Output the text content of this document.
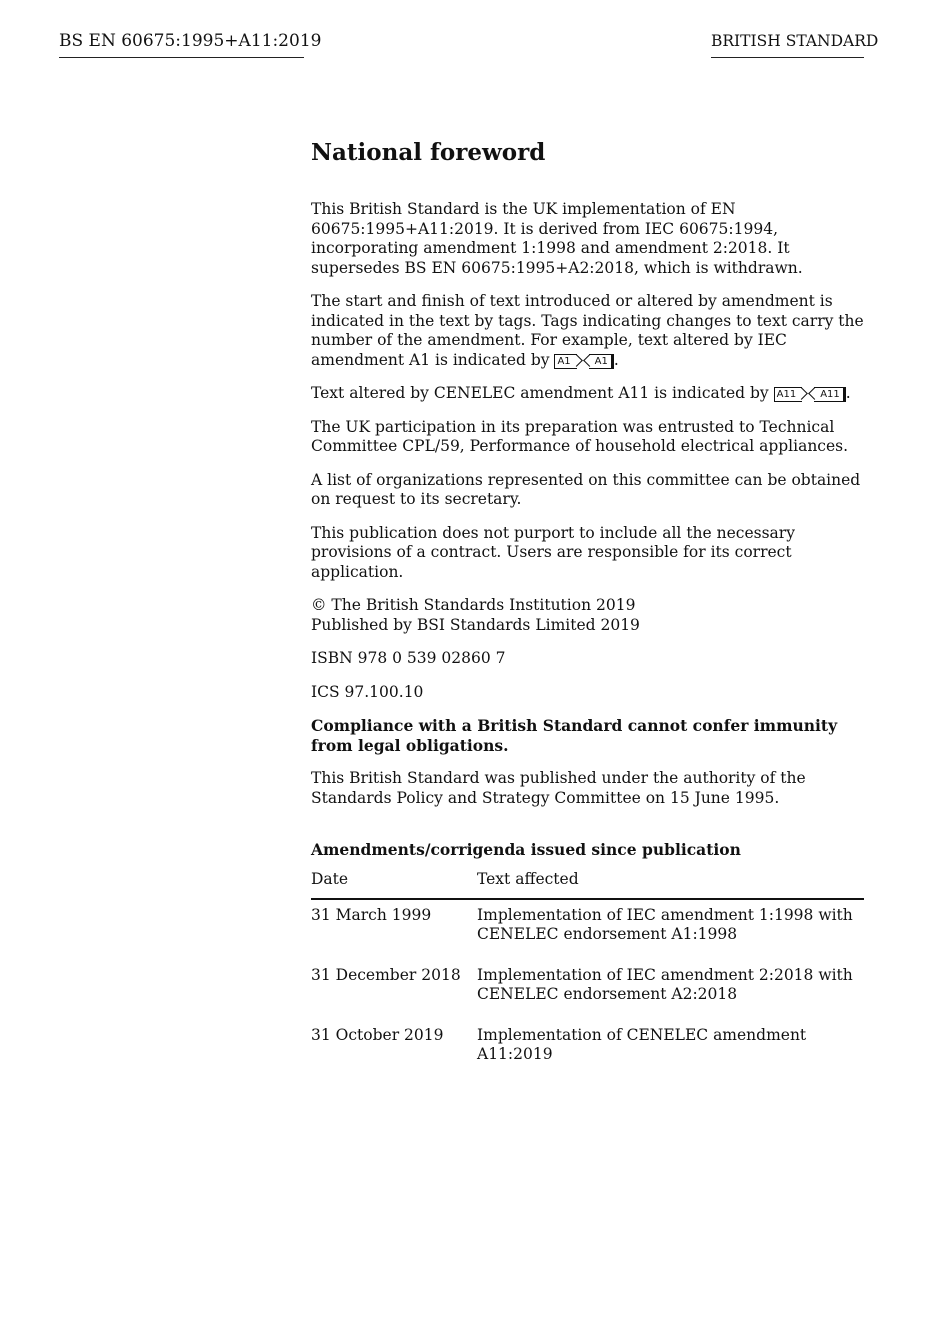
BS EN 60675:1995+A11:2019	BRITISH STANDARD
National foreword

This British Standard is the UK implementation of EN 60675:1995+A11:2019. It is derived from IEC 60675:1994, incorporating amendment 1:1998 and amendment 2:2018. It supersedes BS EN 60675:1995+A2:2018, which is withdrawn.

The start and finish of text introduced or altered by amendment is indicated in the text by tags. Tags indicating changes to text carry the number of the amendment. For example, text altered by IEC amendment A1 is indicated by A1 A1 .

Text altered by CENELEC amendment A11 is indicated by A11 A11 .

The UK participation in its preparation was entrusted to Technical Committee CPL/59, Performance of household electrical appliances.

A list of organizations represented on this committee can be obtained on request to its secretary.

This publication does not purport to include all the necessary provisions of a contract. Users are responsible for its correct application.

© The British Standards Institution 2019
Published by BSI Standards Limited 2019

ISBN 978 0 539 02860 7

ICS 97.100.10

Compliance with a British Standard cannot confer immunity from legal obligations.

This British Standard was published under the authority of the Standards Policy and Strategy Committee on 15 June 1995.

Amendments/corrigenda issued since publication
Date	Text affected
31 March 1999	Implementation of IEC amendment 1:1998 with CENELEC endorsement A1:1998
31 December 2018	Implementation of IEC amendment 2:2018 with CENELEC endorsement A2:2018
31 October 2019	Implementation of CENELEC amendment A11:2019
